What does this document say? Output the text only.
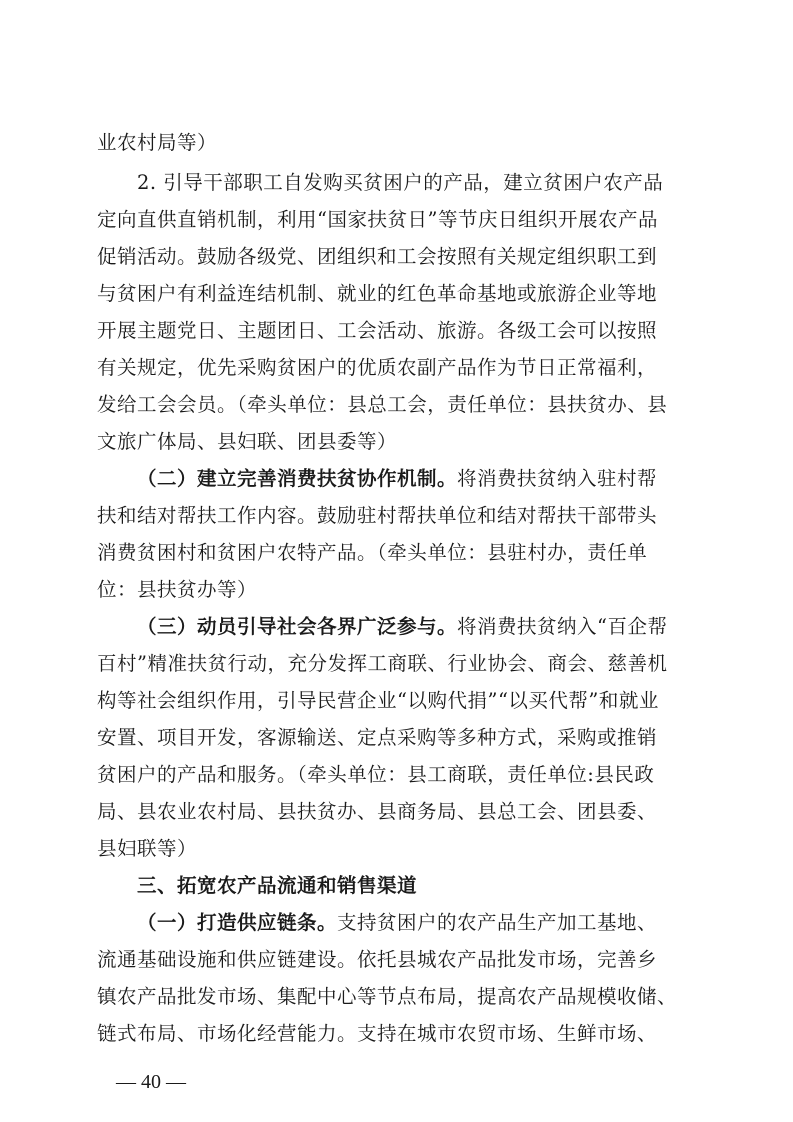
业农村局等）
2. 引导干部职工自发购买贫困户的产品，建立贫困户农产品
定向直供直销机制，利用“国家扶贫日”等节庆日组织开展农产品
促销活动。鼓励各级党、团组织和工会按照有关规定组织职工到
与贫困户有利益连结机制、就业的红色革命基地或旅游企业等地
开展主题党日、主题团日、工会活动、旅游。各级工会可以按照
有关规定，优先采购贫困户的优质农副产品作为节日正常福利，
发给工会会员。（牵头单位：县总工会，责任单位：县扶贫办、县
文旅广体局、县妇联、团县委等）
（二）建立完善消费扶贫协作机制。将消费扶贫纳入驻村帮
扶和结对帮扶工作内容。鼓励驻村帮扶单位和结对帮扶干部带头
消费贫困村和贫困户农特产品。（牵头单位：县驻村办，责任单
位：县扶贫办等）
（三）动员引导社会各界广泛参与。将消费扶贫纳入“百企帮
百村”精准扶贫行动，充分发挥工商联、行业协会、商会、慈善机
构等社会组织作用，引导民营企业“以购代捐”“以买代帮”和就业
安置、项目开发，客源输送、定点采购等多种方式，采购或推销
贫困户的产品和服务。（牵头单位：县工商联，责任单位:县民政
局、县农业农村局、县扶贫办、县商务局、县总工会、团县委、
县妇联等）
三、拓宽农产品流通和销售渠道
（一）打造供应链条。支持贫困户的农产品生产加工基地、
流通基础设施和供应链建设。依托县城农产品批发市场，完善乡
镇农产品批发市场、集配中心等节点布局，提高农产品规模收储、
链式布局、市场化经营能力。支持在城市农贸市场、生鲜市场、
— 40 —
